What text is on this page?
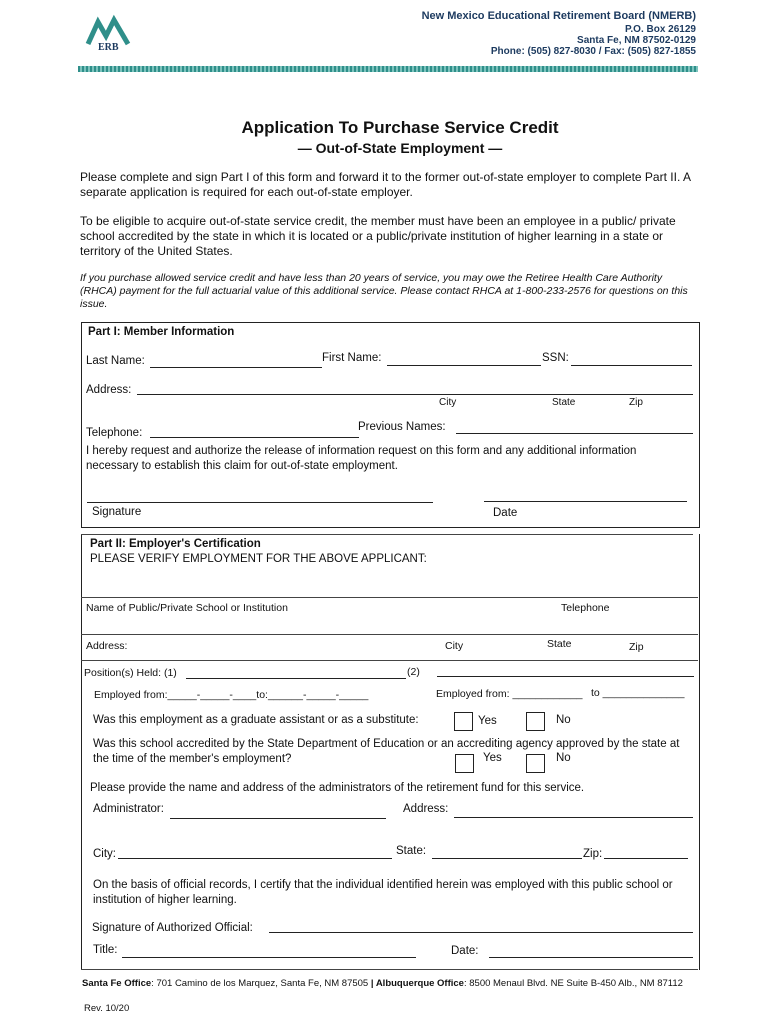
ERB
New Mexico Educational Retirement Board (NMERB)
P.O. Box 26129
Santa Fe, NM 87502-0129
Phone: (505) 827-8030 / Fax: (505) 827-1855
Application To Purchase Service Credit
— Out-of-State Employment —
Please complete and sign Part I of this form and forward it to the former out-of-state employer to complete Part II. A separate application is required for each out-of-state employer.
To be eligible to acquire out-of-state service credit, the member must have been an employee in a public/ private school accredited by the state in which it is located or a public/private institution of higher learning in a state or territory of the United States.
If you purchase allowed service credit and have less than 20 years of service, you may owe the Retiree Health Care Authority (RHCA) payment for the full actuarial value of this additional service. Please contact RHCA at 1-800-233-2576 for questions on this issue.
Part I: Member Information
Last Name:	First Name:	SSN:
Address:
City	State	Zip
Previous Names:
Telephone:
I hereby request and authorize the release of information request on this form and any additional information necessary to establish this claim for out-of-state employment.
Signature	Date
Part II: Employer's Certification
PLEASE VERIFY EMPLOYMENT FOR THE ABOVE APPLICANT:
Name of Public/Private School or Institution	Telephone
Address:	City	State	Zip
Position(s) Held: (1)	(2)
Employed from:_____-_____-____to:______-_____-_____	Employed from: ____________ to ______________
Was this employment as a graduate assistant or as a substitute:	Yes	No
Was this school accredited by the State Department of Education or an accrediting agency approved by the state at the time of the member's employment?	Yes	No
Please provide the name and address of the administrators of the retirement fund for this service.
Administrator:	Address:
City:	State:	Zip:
On the basis of official records, I certify that the individual identified herein was employed with this public school or institution of higher learning.
Signature of Authorized Official:
Title:	Date:
Santa Fe Office: 701 Camino de los Marquez, Santa Fe, NM 87505 | Albuquerque Office: 8500 Menaul Blvd. NE Suite B-450 Alb., NM 87112
Rev. 10/20
